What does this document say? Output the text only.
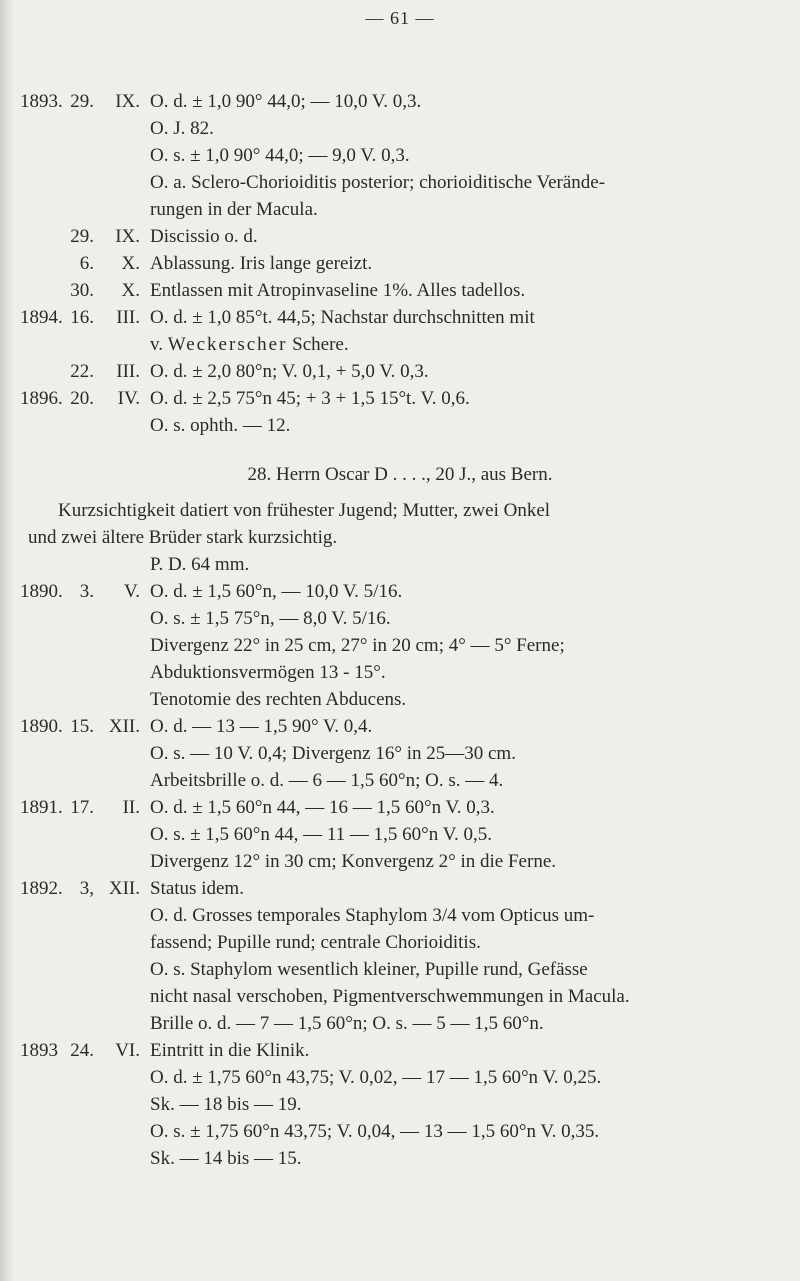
— 61 —
1893. 29.	IX. O. d. ± 1,0 90° 44,0; — 10,0 V. 0,3.
O. J. 82.
O. s. ± 1,0 90° 44,0; — 9,0 V. 0,3.
O. a. Sclero-Chorioiditis posterior; chorioiditische Verände-
rungen in der Macula.
29.	IX. Discissio o. d.
6.	X. Ablassung. Iris lange gereizt.
30.	X. Entlassen mit Atropinvaseline 1%. Alles tadellos.
1894. 16.	III. O. d. ± 1,0 85°t. 44,5; Nachstar durchschnitten mit
v. Weckerscher Schere.
22.	III. O. d. ± 2,0 80°n; V. 0,1, + 5,0 V. 0,3.
1896. 20.	IV. O. d. ± 2,5 75°n 45; + 3 + 1,5 15°t. V. 0,6.
O. s. ophth. — 12.
28. Herrn Oscar D . . . ., 20 J., aus Bern.
Kurzsichtigkeit datiert von frühester Jugend; Mutter, zwei Onkel
und zwei ältere Brüder stark kurzsichtig.
P. D. 64 mm.
1890. 3.	V. O. d. ± 1,5 60°n, — 10,0 V. 5/16.
O. s. ± 1,5 75°n, — 8,0 V. 5/16.
Divergenz 22° in 25 cm, 27° in 20 cm; 4° — 5° Ferne;
Abduktionsvermögen 13 - 15°.
Tenotomie des rechten Abducens.
1890. 15. XII. O. d. — 13 — 1,5 90° V. 0,4.
O. s. — 10 V. 0,4; Divergenz 16° in 25—30 cm.
Arbeitsbrille o. d. — 6 — 1,5 60°n; O. s. — 4.
1891. 17.	II. O. d. ± 1,5 60°n 44, — 16 — 1,5 60°n V. 0,3.
O. s. ± 1,5 60°n 44, — 11 — 1,5 60°n V. 0,5.
Divergenz 12° in 30 cm; Konvergenz 2° in die Ferne.
1892. 3, XII. Status idem.
O. d. Grosses temporales Staphylom 3/4 vom Opticus um-
fassend; Pupille rund; centrale Chorioiditis.
O. s. Staphylom wesentlich kleiner, Pupille rund, Gefässe
nicht nasal verschoben, Pigmentverschwemmungen in Macula.
Brille o. d. — 7 — 1,5 60°n; O. s. — 5 — 1,5 60°n.
1893 24.	VI. Eintritt in die Klinik.
O. d. ± 1,75 60°n 43,75; V. 0,02, — 17 — 1,5 60°n V. 0,25.
Sk. — 18 bis — 19.
O. s. ± 1,75 60°n 43,75; V. 0,04, — 13 — 1,5 60°n V. 0,35.
Sk. — 14 bis — 15.
